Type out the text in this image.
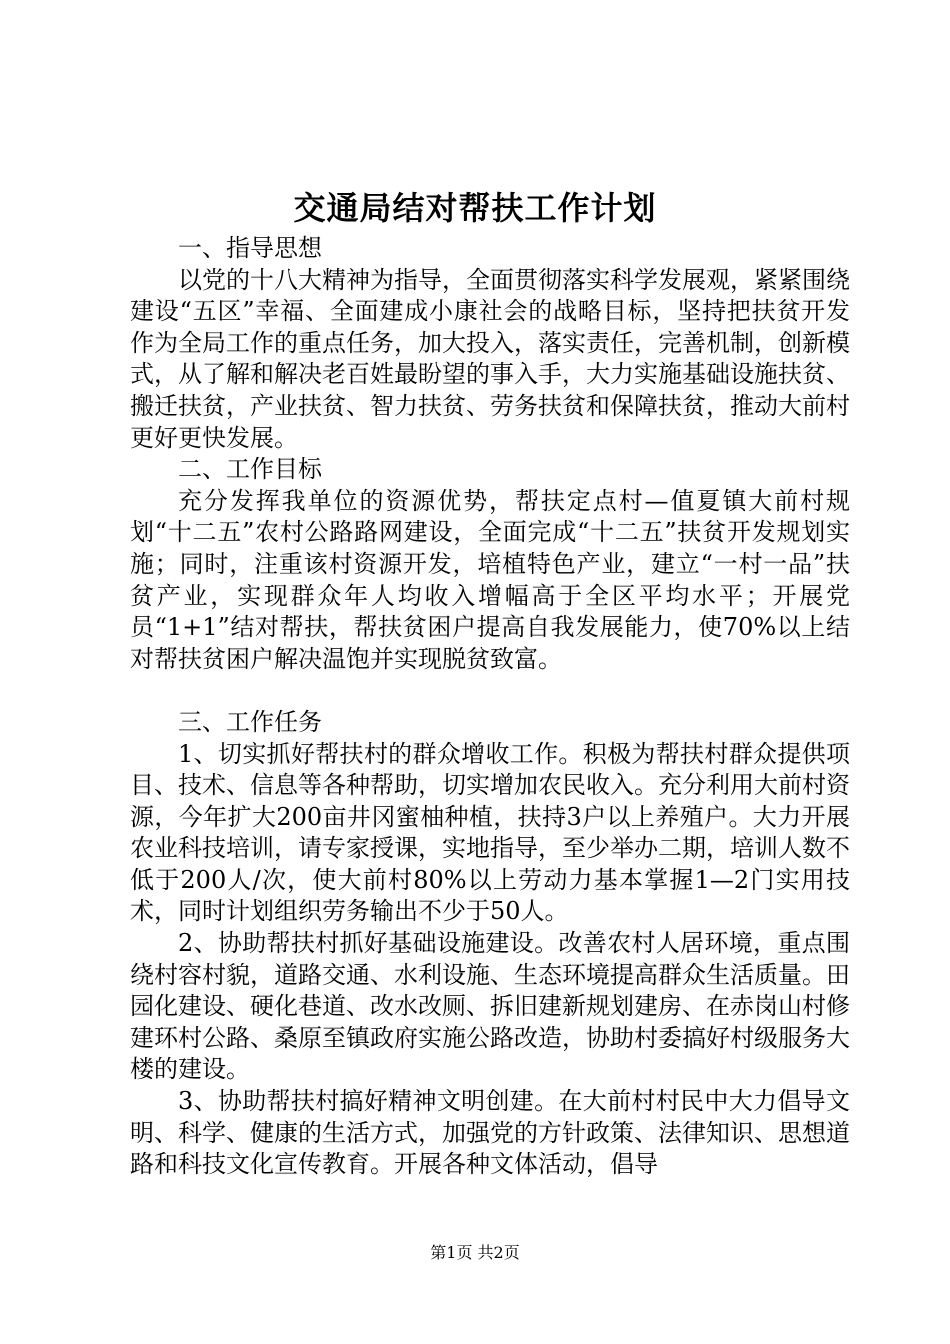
交通局结对帮扶工作计划

一、指导思想

以党的十八大精神为指导，全面贯彻落实科学发展观，紧紧围绕建设“五区”幸福、全面建成小康社会的战略目标，坚持把扶贫开发作为全局工作的重点任务，加大投入，落实责任，完善机制，创新模式，从了解和解决老百姓最盼望的事入手，大力实施基础设施扶贫、搬迁扶贫，产业扶贫、智力扶贫、劳务扶贫和保障扶贫，推动大前村更好更快发展。

二、工作目标

充分发挥我单位的资源优势，帮扶定点村—值夏镇大前村规划“十二五”农村公路路网建设，全面完成“十二五”扶贫开发规划实施；同时，注重该村资源开发，培植特色产业，建立“一村一品”扶贫产业，实现群众年人均收入增幅高于全区平均水平；开展党员“1+1”结对帮扶，帮扶贫困户提高自我发展能力，使70%以上结对帮扶贫困户解决温饱并实现脱贫致富。

三、工作任务

1、切实抓好帮扶村的群众增收工作。积极为帮扶村群众提供项目、技术、信息等各种帮助，切实增加农民收入。充分利用大前村资源，今年扩大200亩井冈蜜柚种植，扶持3户以上养殖户。大力开展农业科技培训，请专家授课，实地指导，至少举办二期，培训人数不低于200人/次，使大前村80%以上劳动力基本掌握1—2门实用技术，同时计划组织劳务输出不少于50人。

2、协助帮扶村抓好基础设施建设。改善农村人居环境，重点围绕村容村貌，道路交通、水利设施、生态环境提高群众生活质量。田园化建设、硬化巷道、改水改厕、拆旧建新规划建房、在赤岗山村修建环村公路、桑原至镇政府实施公路改造，协助村委搞好村级服务大楼的建设。

3、协助帮扶村搞好精神文明创建。在大前村村民中大力倡导文明、科学、健康的生活方式，加强党的方针政策、法律知识、思想道路和科技文化宣传教育。开展各种文体活动，倡导

第1页 共2页
